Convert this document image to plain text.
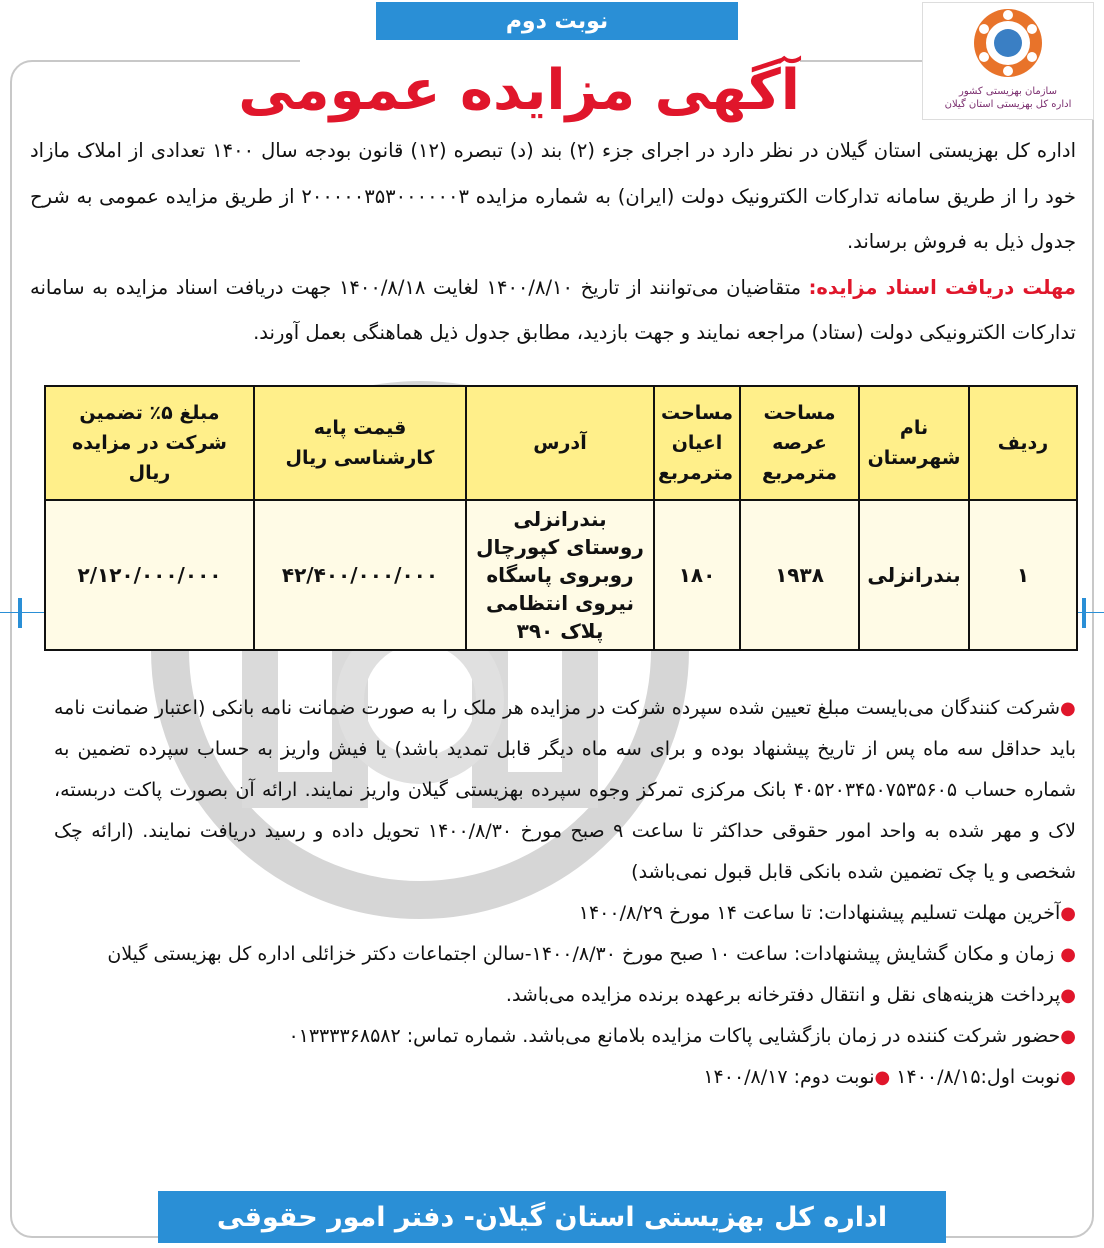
نوبت دوم
سازمان بهزیستی کشور
اداره کل بهزیستی استان گیلان
آگهی مزایده عمومی
اداره کل بهزیستی استان گیلان در نظر دارد در اجرای جزء (۲) بند (د) تبصره (۱۲) قانون بودجه سال ۱۴۰۰ تعدادی از املاک مازاد خود را از طریق سامانه تدارکات الکترونیک دولت (ایران) به شماره مزایده ۲۰۰۰۰۰۳۵۳۰۰۰۰۰۰۳ از طریق مزایده عمومی به شرح جدول ذیل به فروش برساند.
مهلت دریافت اسناد مزایده: متقاضیان می‌توانند از تاریخ ۱۴۰۰/۸/۱۰ لغایت ۱۴۰۰/۸/۱۸ جهت دریافت اسناد مزایده به سامانه تدارکات الکترونیکی دولت (ستاد) مراجعه نمایند و جهت بازدید، مطابق جدول ذیل هماهنگی بعمل آورند.
ردیف	نام شهرستان	مساحت عرصه مترمربع	مساحت اعیان مترمربع	آدرس	قیمت پایه کارشناسی ریال	مبلغ ۵٪ تضمین شرکت در مزایده ریال
۱	بندرانزلی	۱۹۳۸	۱۸۰	بندرانزلی روستای کپورچال روبروی پاسگاه نیروی انتظامی پلاک ۳۹۰	۴۲/۴۰۰/۰۰۰/۰۰۰	۲/۱۲۰/۰۰۰/۰۰۰

●شرکت کنندگان می‌بایست مبلغ تعیین شده سپرده شرکت در مزایده هر ملک را به صورت ضمانت نامه بانکی (اعتبار ضمانت نامه باید حداقل سه ماه پس از تاریخ پیشنهاد بوده و برای سه ماه دیگر قابل تمدید باشد) یا فیش واریز به حساب سپرده تضمین به شماره حساب ۴۰۵۲۰۳۴۵۰۷۵۳۵۶۰۵ بانک مرکزی تمرکز وجوه سپرده بهزیستی گیلان واریز نمایند. ارائه آن بصورت پاکت دربسته، لاک و مهر شده به واحد امور حقوقی حداکثر تا ساعت ۹ صبح مورخ ۱۴۰۰/۸/۳۰ تحویل داده و رسید دریافت نمایند. (ارائه چک شخصی و یا چک تضمین شده بانکی قابل قبول نمی‌باشد)

●آخرین مهلت تسلیم پیشنهادات: تا ساعت ۱۴ مورخ ۱۴۰۰/۸/۲۹

● زمان و مکان گشایش پیشنهادات: ساعت ۱۰ صبح مورخ ۱۴۰۰/۸/۳۰-سالن اجتماعات دکتر خزائلی اداره کل بهزیستی گیلان

●پرداخت هزینه‌های نقل و انتقال دفترخانه برعهده برنده مزایده می‌باشد.

●حضور شرکت کننده در زمان بازگشایی پاکات مزایده بلامانع می‌باشد. شماره تماس: ۰۱۳۳۳۳۶۸۵۸۲

●نوبت اول:۱۴۰۰/۸/۱۵ ●نوبت دوم: ۱۴۰۰/۸/۱۷

اداره کل بهزیستی استان گیلان- دفتر امور حقوقی
